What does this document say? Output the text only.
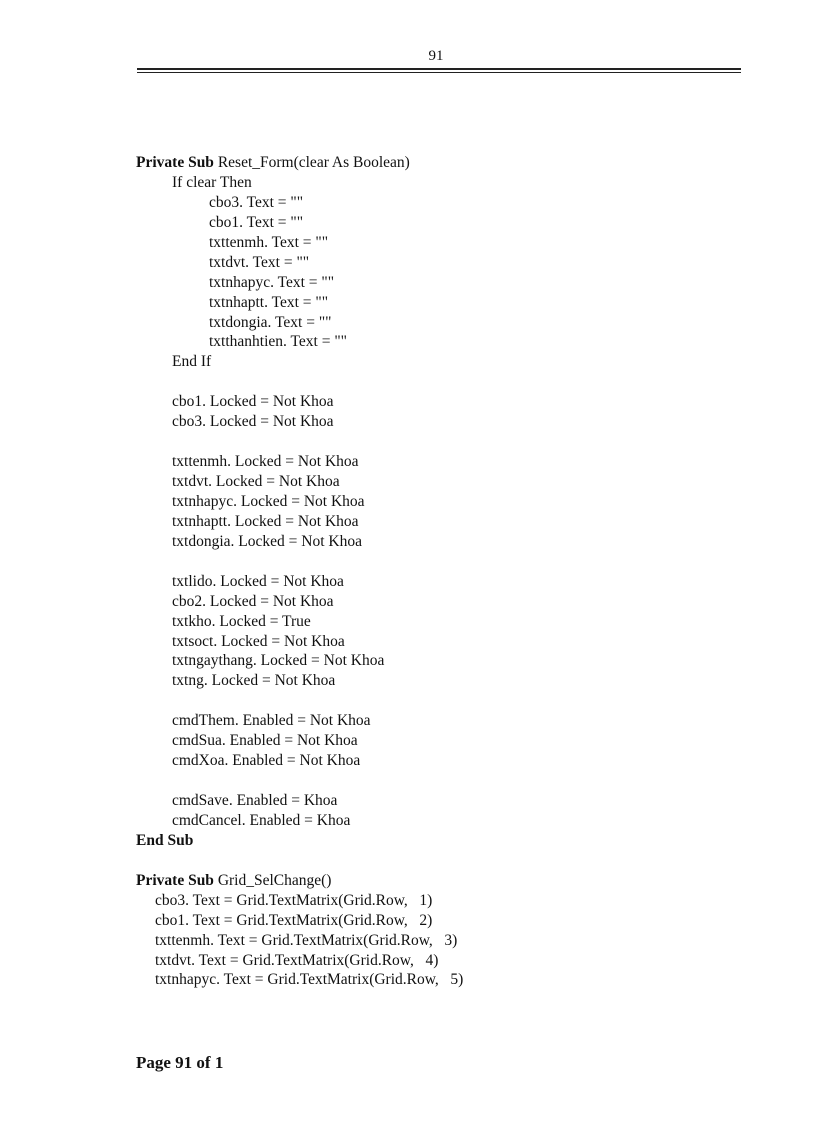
91
Private Sub Reset_Form(clear As Boolean)
If clear Then
cbo3. Text = ""
cbo1. Text = ""
txttenmh. Text = ""
txtdvt. Text = ""
txtnhapyc. Text = ""
txtnhaptt. Text = ""
txtdongia. Text = ""
txtthanhtien. Text = ""
End If
cbo1. Locked = Not Khoa
cbo3. Locked = Not Khoa
txttenmh. Locked = Not Khoa
txtdvt. Locked = Not Khoa
txtnhapyc. Locked = Not Khoa
txtnhaptt. Locked = Not Khoa
txtdongia. Locked = Not Khoa
txtlido. Locked = Not Khoa
cbo2. Locked = Not Khoa
txtkho. Locked = True
txtsoct. Locked = Not Khoa
txtngaythang. Locked = Not Khoa
txtng. Locked = Not Khoa
cmdThem. Enabled = Not Khoa
cmdSua. Enabled = Not Khoa
cmdXoa. Enabled = Not Khoa
cmdSave. Enabled = Khoa
cmdCancel. Enabled = Khoa
End Sub
Private Sub Grid_SelChange()
cbo3. Text = Grid.TextMatrix(Grid.Row,   1)
cbo1. Text = Grid.TextMatrix(Grid.Row,   2)
txttenmh. Text = Grid.TextMatrix(Grid.Row,   3)
txtdvt. Text = Grid.TextMatrix(Grid.Row,   4)
txtnhapyc. Text = Grid.TextMatrix(Grid.Row,   5)
Page 91 of 1
